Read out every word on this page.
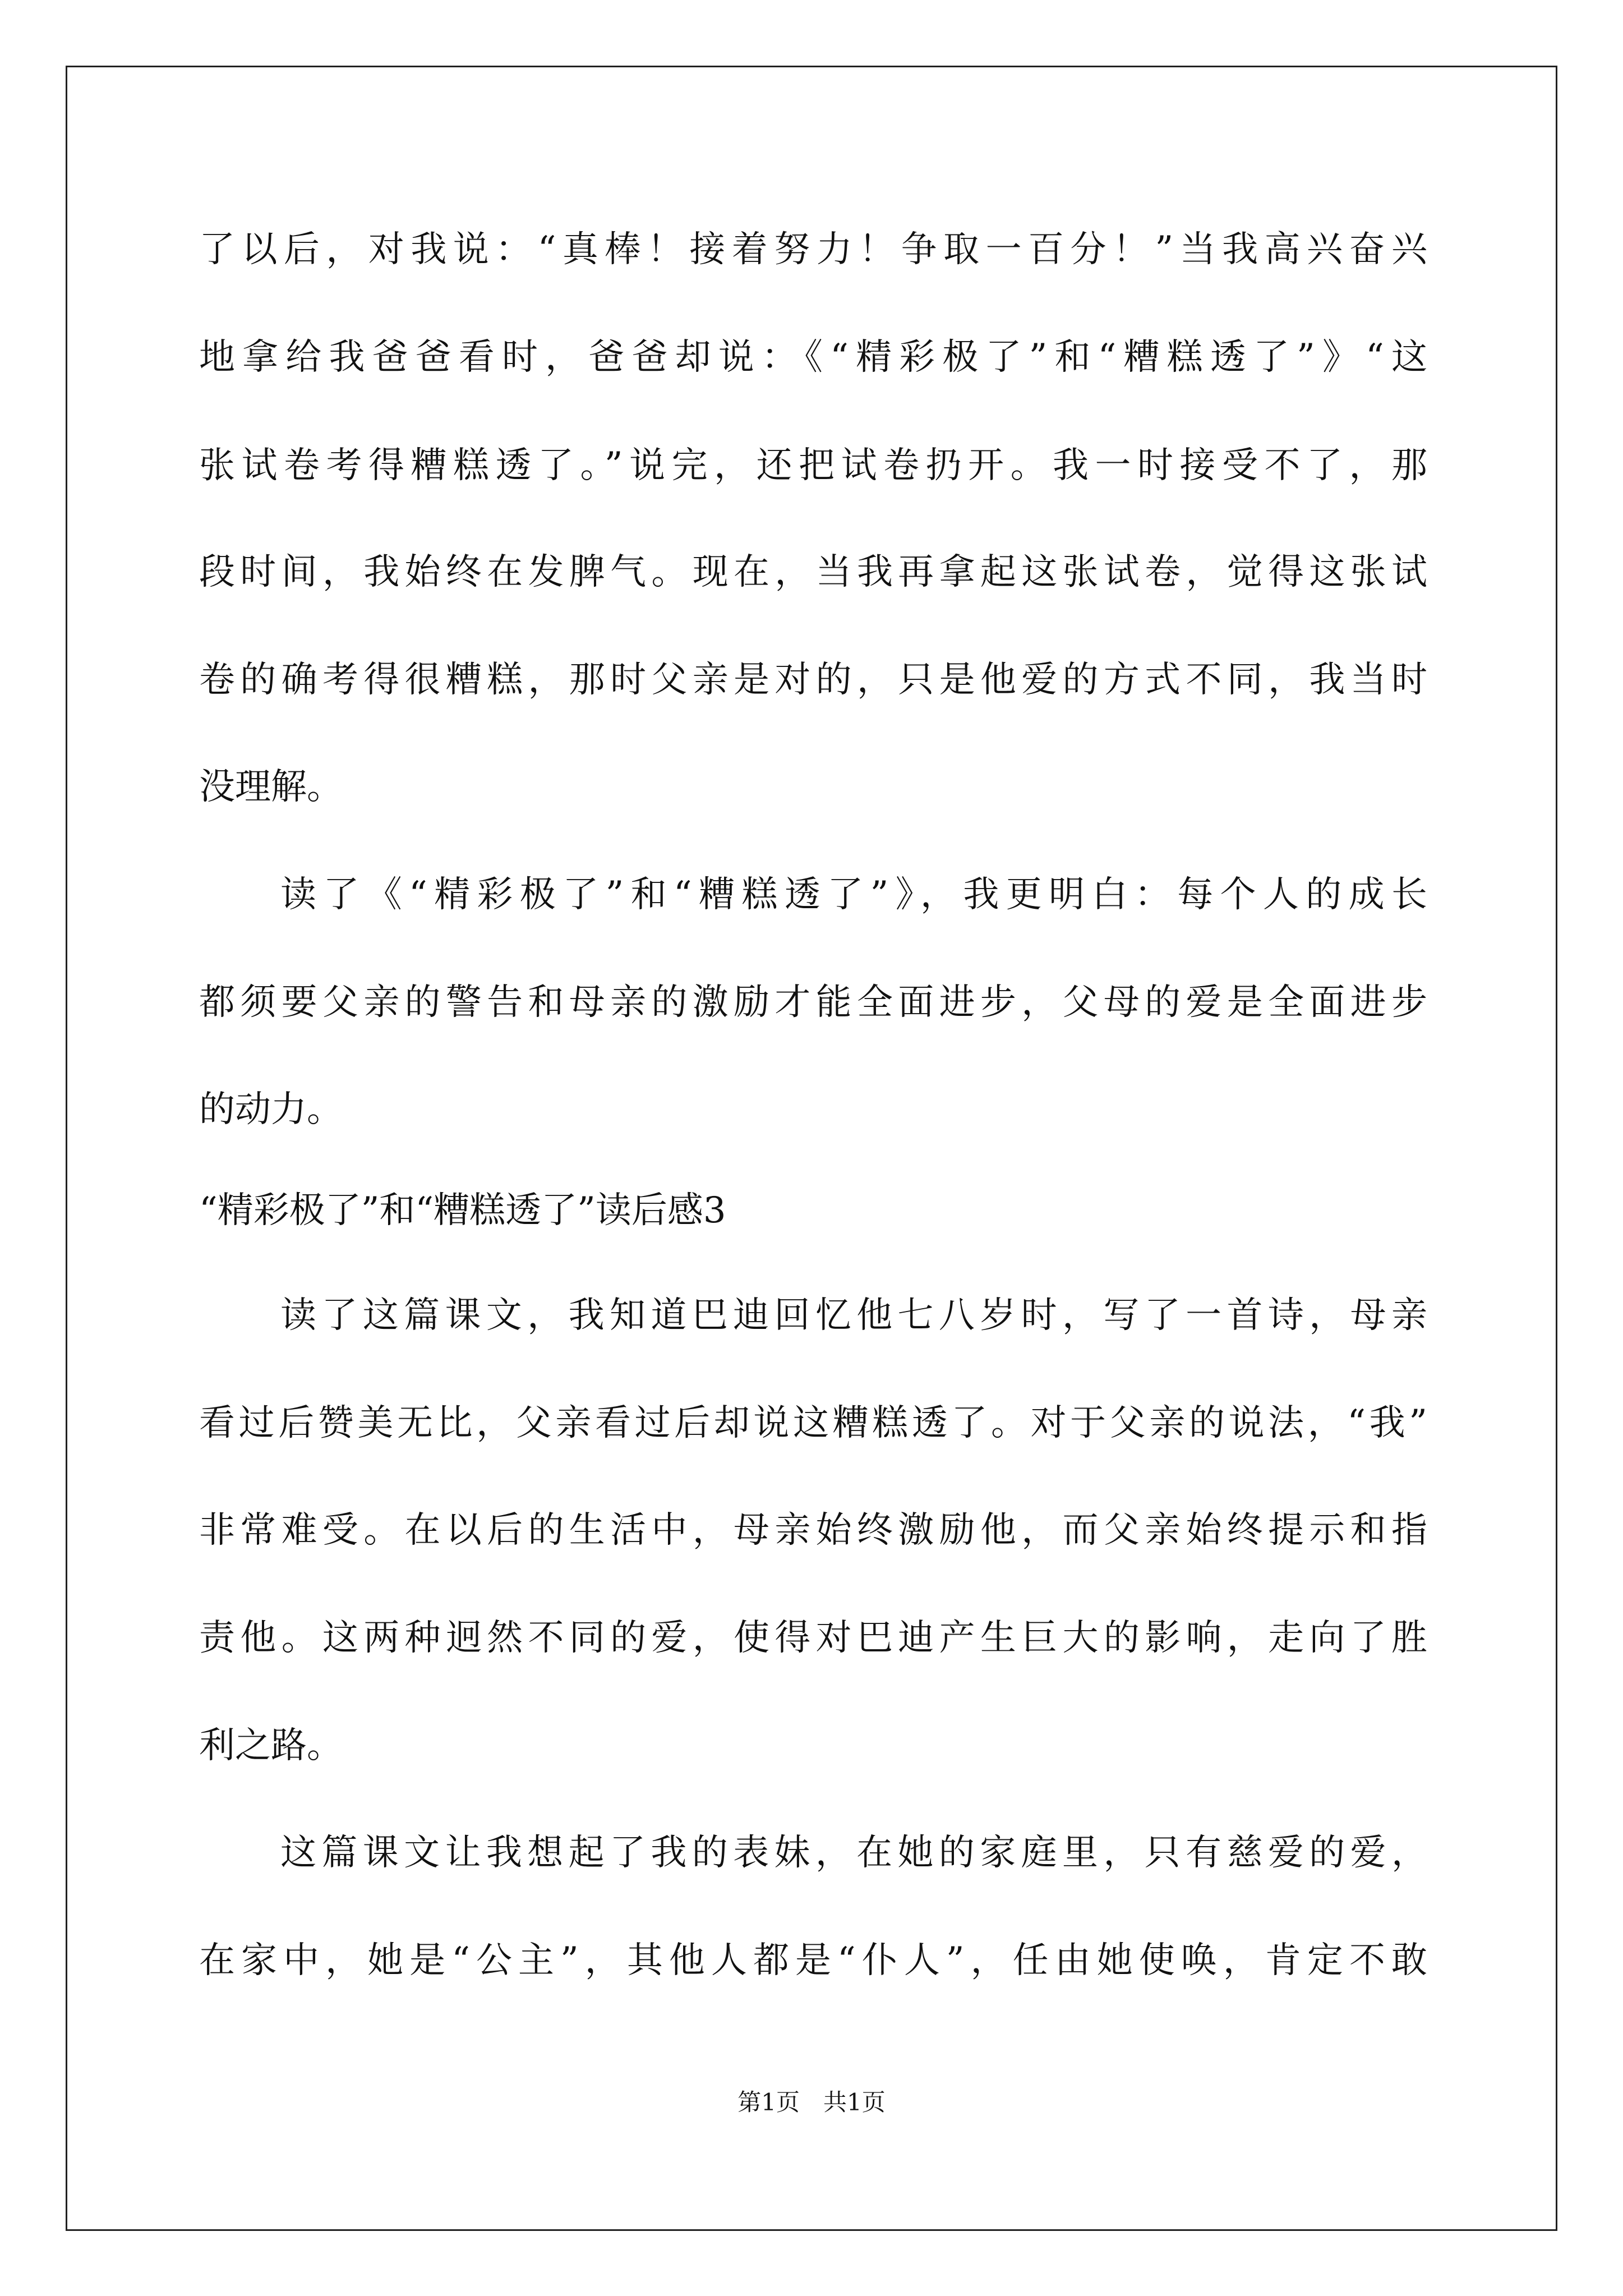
了以后，对我说：“真棒！接着努力！争取一百分！”当我高兴奋兴
地拿给我爸爸看时，爸爸却说：《“精彩极了”和“糟糕透了”》“这
张试卷考得糟糕透了。”说完，还把试卷扔开。我一时接受不了，那
段时间，我始终在发脾气。现在，当我再拿起这张试卷，觉得这张试
卷的确考得很糟糕，那时父亲是对的，只是他爱的方式不同，我当时
没理解。
读了《“精彩极了”和“糟糕透了”》，我更明白：每个人的成长
都须要父亲的警告和母亲的激励才能全面进步，父母的爱是全面进步
的动力。
“精彩极了”和“糟糕透了”读后感3
读了这篇课文，我知道巴迪回忆他七八岁时，写了一首诗，母亲
看过后赞美无比，父亲看过后却说这糟糕透了。对于父亲的说法，“我”
非常难受。在以后的生活中，母亲始终激励他，而父亲始终提示和指
责他。这两种迥然不同的爱，使得对巴迪产生巨大的影响，走向了胜
利之路。
这篇课文让我想起了我的表妹，在她的家庭里，只有慈爱的爱，
在家中，她是“公主”，其他人都是“仆人”，任由她使唤，肯定不敢
第1页　共1页
